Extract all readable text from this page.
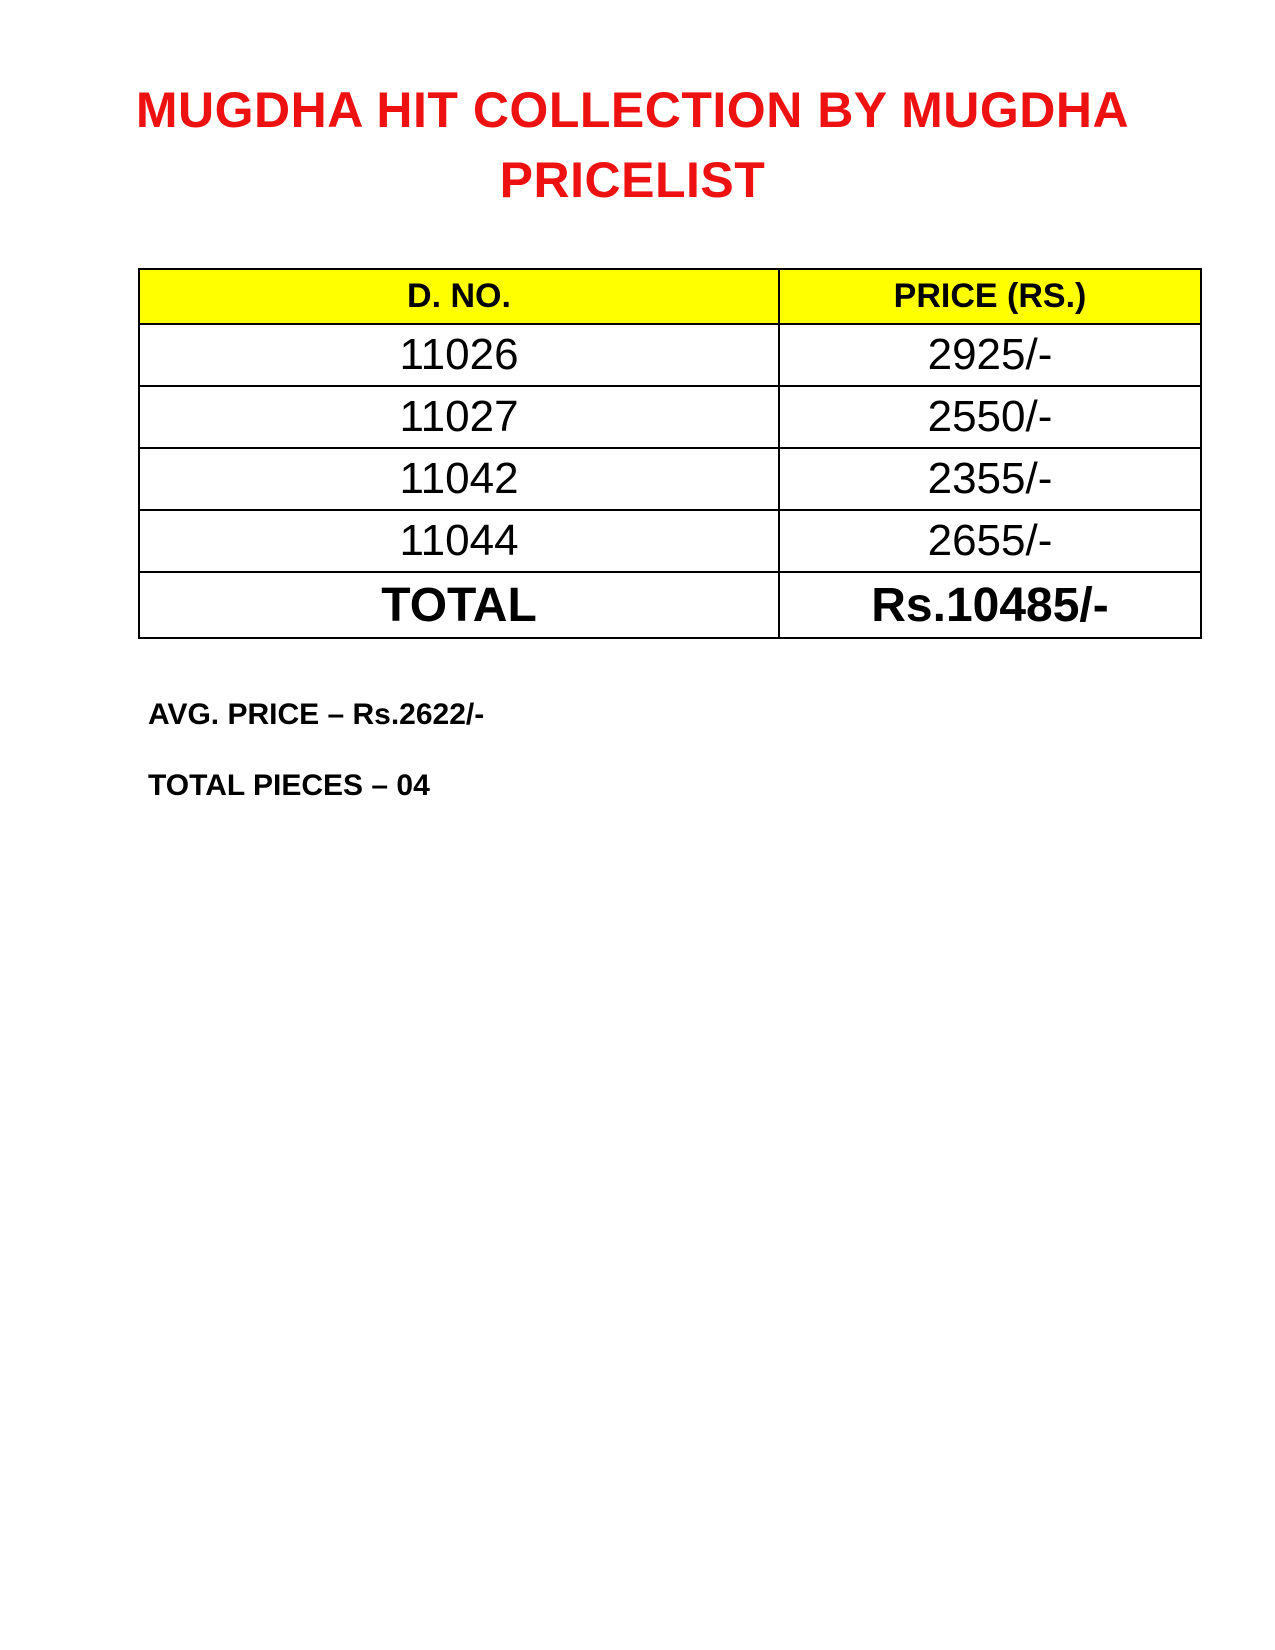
MUGDHA HIT COLLECTION BY MUGDHA
PRICELIST
D. NO.	PRICE (RS.)
11026	2925/-
11027	2550/-
11042	2355/-
11044	2655/-
TOTAL	Rs.10485/-
AVG. PRICE – Rs.2622/-
TOTAL PIECES – 04
